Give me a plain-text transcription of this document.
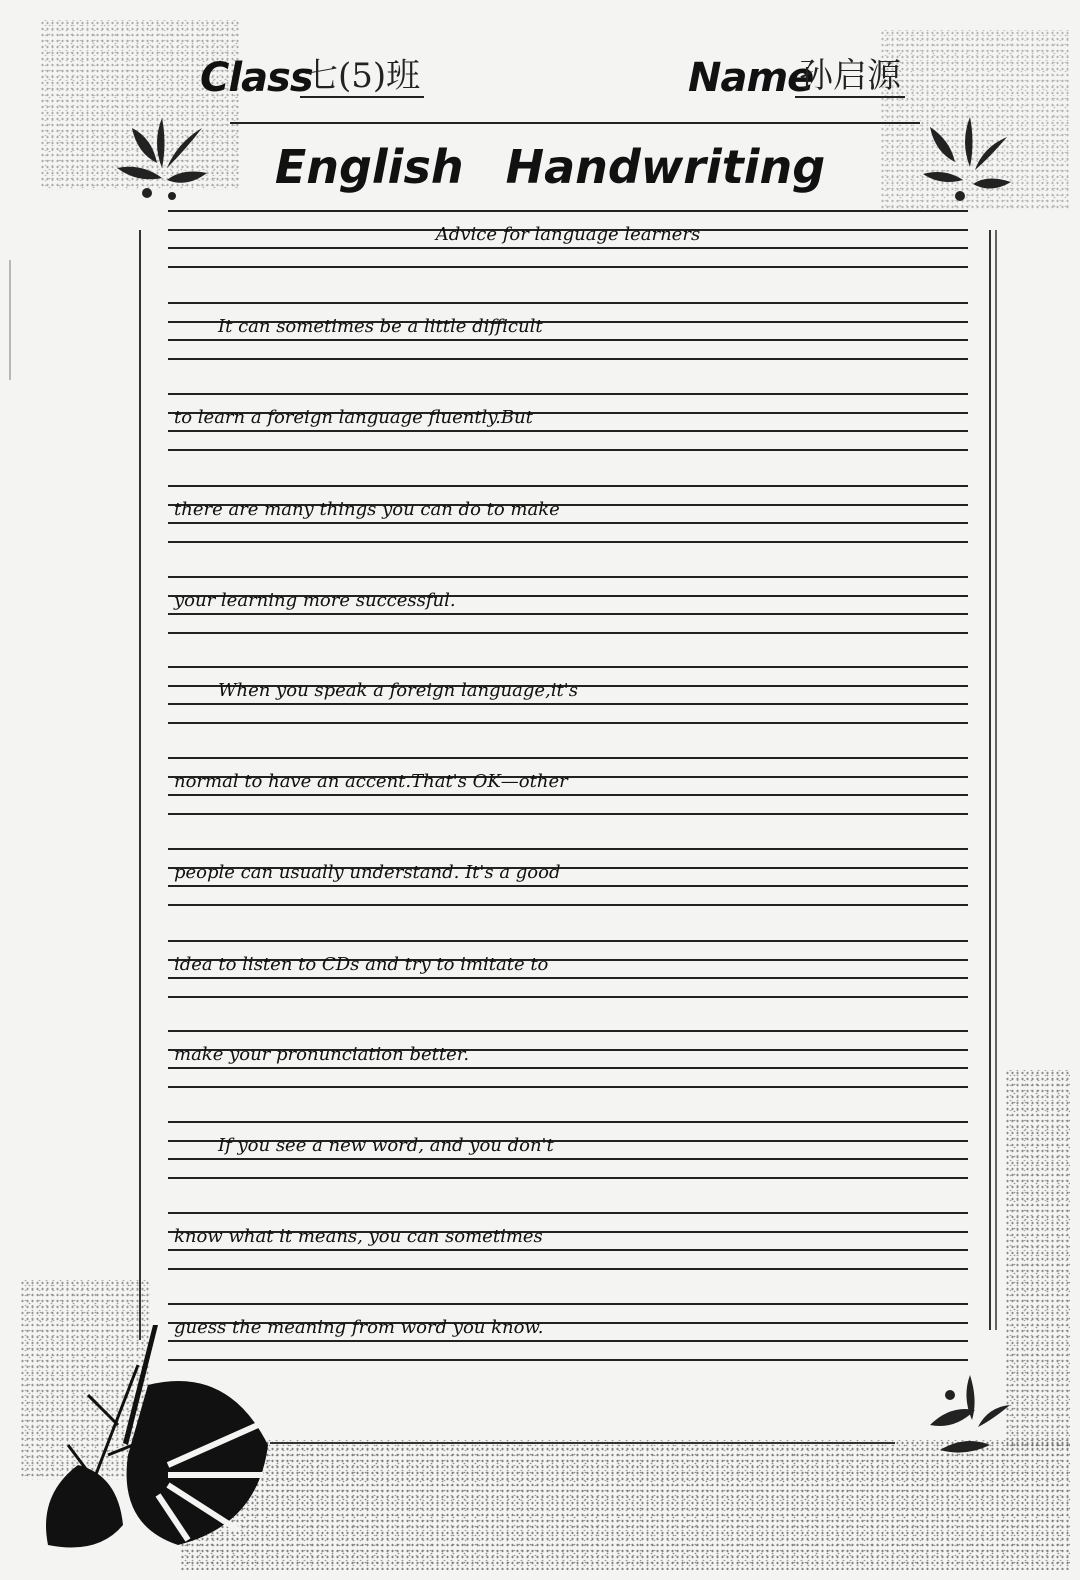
Class
七(5)班	Name
孙启源
English Handwriting
Advice for language learners
It can sometimes be a little difficult
to learn a foreign language fluently.But
there are many things you can do to make
your learning more successful.
When you speak a foreign language,it's
normal to have an accent.That's OK—other
people can usually understand. It's a good
idea to listen to CDs and try to imitate to
make your pronunciation better.
If you see a new word, and you don't
know what it means, you can sometimes
guess the meaning from word you know.
